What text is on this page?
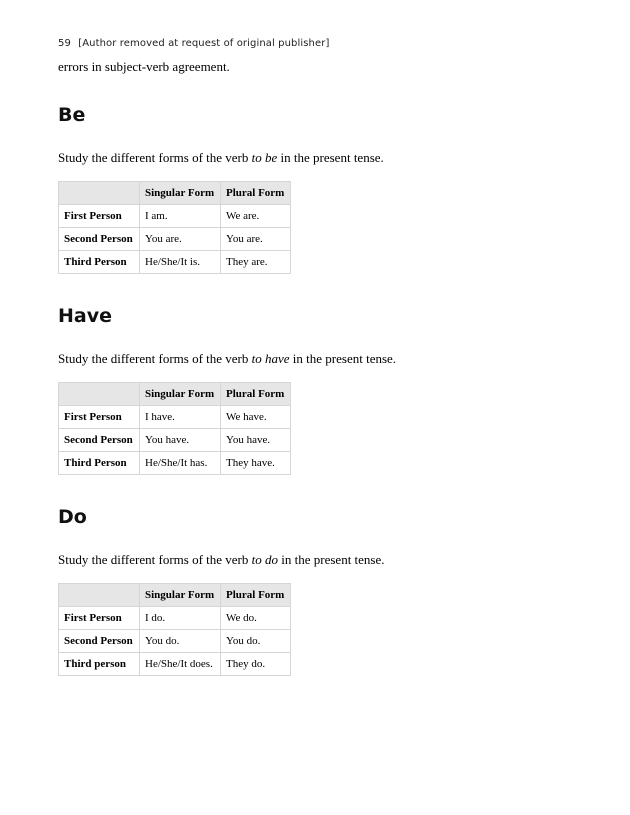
59 [Author removed at request of original publisher]
errors in subject-verb agreement.
Be

Study the different forms of the verb to be in the present tense.

	Singular Form	Plural Form
First Person	I am.	We are.
Second Person	You are.	You are.
Third Person	He/She/It is.	They are.
Have

Study the different forms of the verb to have in the present tense.

	Singular Form	Plural Form
First Person	I have.	We have.
Second Person	You have.	You have.
Third Person	He/She/It has.	They have.
Do

Study the different forms of the verb to do in the present tense.

	Singular Form	Plural Form
First Person	I do.	We do.
Second Person	You do.	You do.
Third person	He/She/It does.	They do.
